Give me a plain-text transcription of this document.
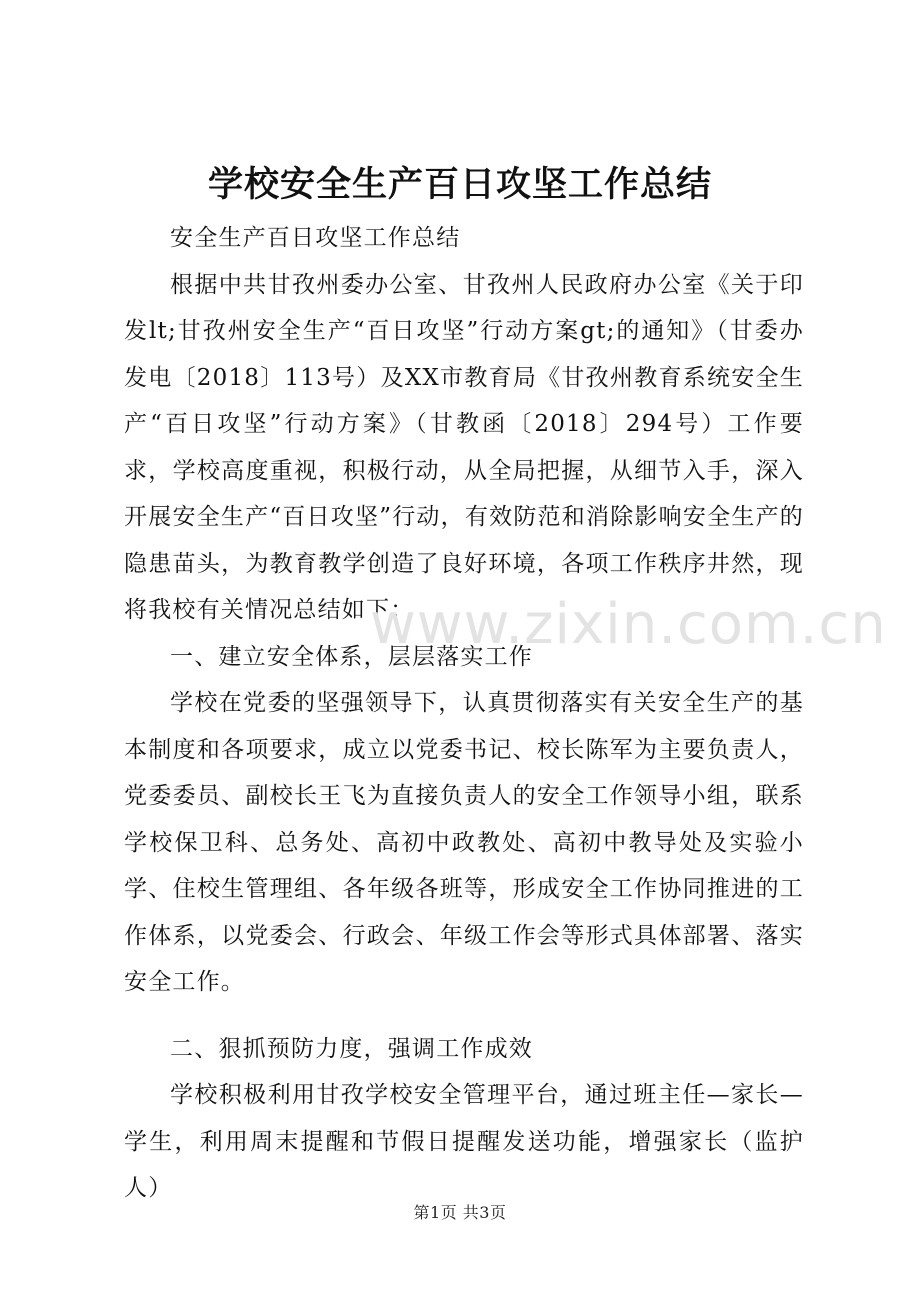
学校安全生产百日攻坚工作总结

安全生产百日攻坚工作总结

根据中共甘孜州委办公室、甘孜州人民政府办公室《关于印发lt;甘孜州安全生产“百日攻坚”行动方案gt;的通知》（甘委办发电〔2018〕113号）及XX市教育局《甘孜州教育系统安全生产“百日攻坚”行动方案》（甘教函〔2018〕294号）工作要求，学校高度重视，积极行动，从全局把握，从细节入手，深入开展安全生产“百日攻坚”行动，有效防范和消除影响安全生产的隐患苗头，为教育教学创造了良好环境，各项工作秩序井然，现将我校有关情况总结如下：

一、建立安全体系，层层落实工作

学校在党委的坚强领导下，认真贯彻落实有关安全生产的基本制度和各项要求，成立以党委书记、校长陈军为主要负责人，党委委员、副校长王飞为直接负责人的安全工作领导小组，联系学校保卫科、总务处、高初中政教处、高初中教导处及实验小学、住校生管理组、各年级各班等，形成安全工作协同推进的工作体系，以党委会、行政会、年级工作会等形式具体部署、落实安全工作。

二、狠抓预防力度，强调工作成效

学校积极利用甘孜学校安全管理平台，通过班主任—家长—学生，利用周末提醒和节假日提醒发送功能，增强家长（监护人）

www.zixin.com.cn
第1页 共3页
